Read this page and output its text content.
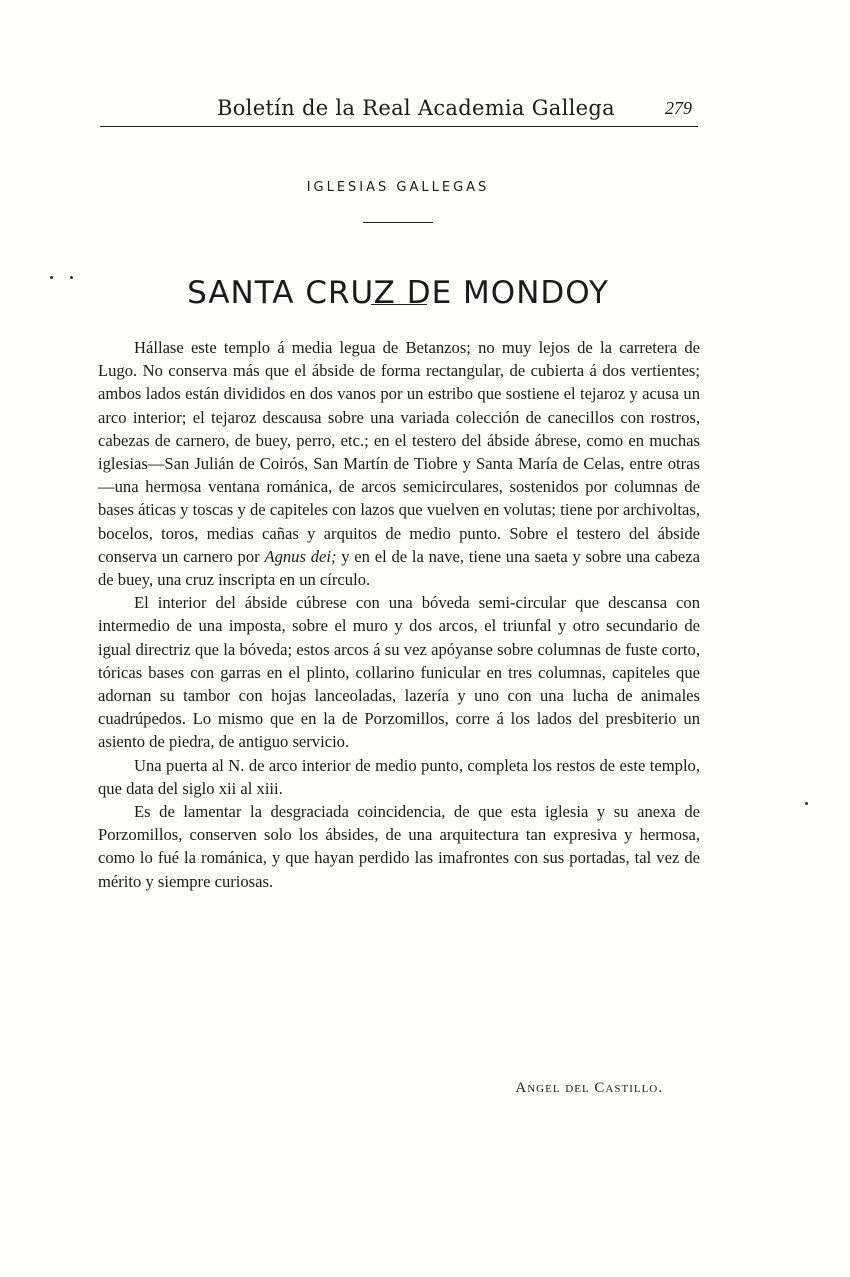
Boletín de la Real Academia Gallega	279
IGLESIAS GALLEGAS
SANTA CRUZ DE MONDOY

Hállase este templo á media legua de Betanzos; no muy lejos de la carretera de Lugo. No conserva más que el ábside de forma rectangular, de cubierta á dos vertientes; ambos lados están divididos en dos vanos por un estribo que sostiene el tejaroz y acusa un arco interior; el tejaroz descausa sobre una variada colección de canecillos con rostros, cabezas de carnero, de buey, perro, etc.; en el testero del ábside ábrese, como en muchas iglesias—San Julián de Coirós, San Martín de Tiobre y Santa María de Celas, entre otras—una hermosa ventana románica, de arcos semicirculares, sostenidos por columnas de bases áticas y toscas y de capiteles con lazos que vuelven en volutas; tiene por archivoltas, bocelos, toros, medias cañas y arquitos de medio punto. Sobre el testero del ábside conserva un carnero por Agnus dei; y en el de la nave, tiene una saeta y sobre una cabeza de buey, una cruz inscripta en un círculo.

El interior del ábside cúbrese con una bóveda semi-circular que descansa con intermedio de una imposta, sobre el muro y dos arcos, el triunfal y otro secundario de igual directriz que la bóveda; estos arcos á su vez apóyanse sobre columnas de fuste corto, tóricas bases con garras en el plinto, collarino funicular en tres columnas, capiteles que adornan su tambor con hojas lanceoladas, lazería y uno con una lucha de animales cuadrúpedos. Lo mismo que en la de Porzomillos, corre á los lados del presbiterio un asiento de piedra, de antiguo servicio.

Una puerta al N. de arco interior de medio punto, completa los restos de este templo, que data del siglo xii al xiii.

Es de lamentar la desgraciada coincidencia, de que esta iglesia y su anexa de Porzomillos, conserven solo los ábsides, de una arquitectura tan expresiva y hermosa, como lo fué la románica, y que hayan perdido las imafrontes con sus portadas, tal vez de mérito y siempre curiosas.

Angel del Castillo.
